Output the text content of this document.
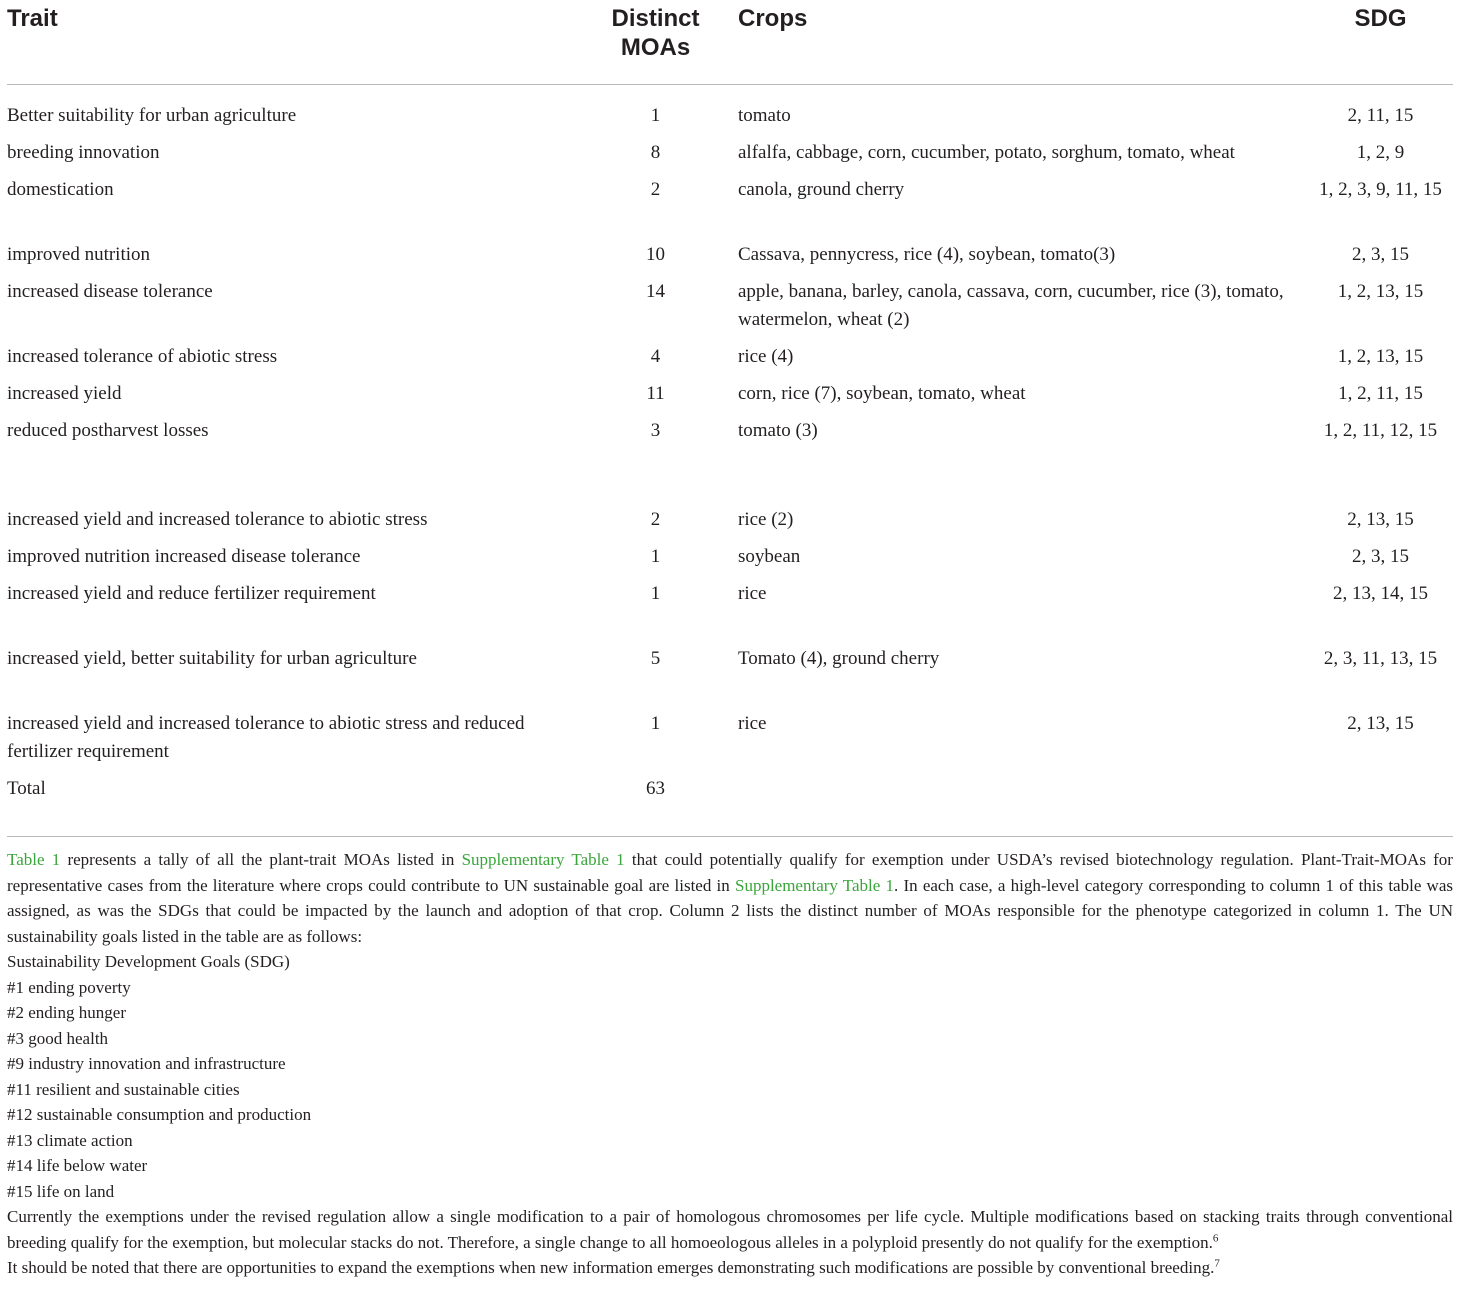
Trait	Distinct MOAs	Crops	SDG
Better suitability for urban agriculture	1	tomato	2, 11, 15
breeding innovation	8	alfalfa, cabbage, corn, cucumber, potato, sorghum, tomato, wheat	1, 2, 9
domestication	2	canola, ground cherry	1, 2, 3, 9, 11, 15
improved nutrition	10	Cassava, pennycress, rice (4), soybean, tomato(3)	2, 3, 15
increased disease tolerance	14	apple, banana, barley, canola, cassava, corn, cucumber, rice (3), tomato, watermelon, wheat (2)	1, 2, 13, 15
increased tolerance of abiotic stress	4	rice (4)	1, 2, 13, 15
increased yield	11	corn, rice (7), soybean, tomato, wheat	1, 2, 11, 15
reduced postharvest losses	3	tomato (3)	1, 2, 11, 12, 15

increased yield and increased tolerance to abiotic stress	2	rice (2)	2, 13, 15
improved nutrition increased disease tolerance	1	soybean	2, 3, 15
increased yield and reduce fertilizer requirement	1	rice	2, 13, 14, 15
increased yield, better suitability for urban agriculture	5	Tomato (4), ground cherry	2, 3, 11, 13, 15
increased yield and increased tolerance to abiotic stress and reduced fertilizer requirement	1	rice	2, 13, 15
Total	63		

Table 1 represents a tally of all the plant-trait MOAs listed in Supplementary Table 1 that could potentially qualify for exemption under USDA’s revised biotechnology regulation. Plant-Trait-MOAs for representative cases from the literature where crops could contribute to UN sustainable goal are listed in Supplementary Table 1. In each case, a high-level category corresponding to column 1 of this table was assigned, as was the SDGs that could be impacted by the launch and adoption of that crop. Column 2 lists the distinct number of MOAs responsible for the phenotype categorized in column 1. The UN sustainability goals listed in the table are as follows:

Sustainability Development Goals (SDG)

#1 ending poverty

#2 ending hunger

#3 good health

#9 industry innovation and infrastructure

#11 resilient and sustainable cities

#12 sustainable consumption and production

#13 climate action

#14 life below water

#15 life on land

Currently the exemptions under the revised regulation allow a single modification to a pair of homologous chromosomes per life cycle. Multiple modifications based on stacking traits through conventional breeding qualify for the exemption, but molecular stacks do not. Therefore, a single change to all homoeologous alleles in a polyploid presently do not qualify for the exemption.$^6$

It should be noted that there are opportunities to expand the exemptions when new information emerges demonstrating such modifications are possible by conventional breeding.$^7$
